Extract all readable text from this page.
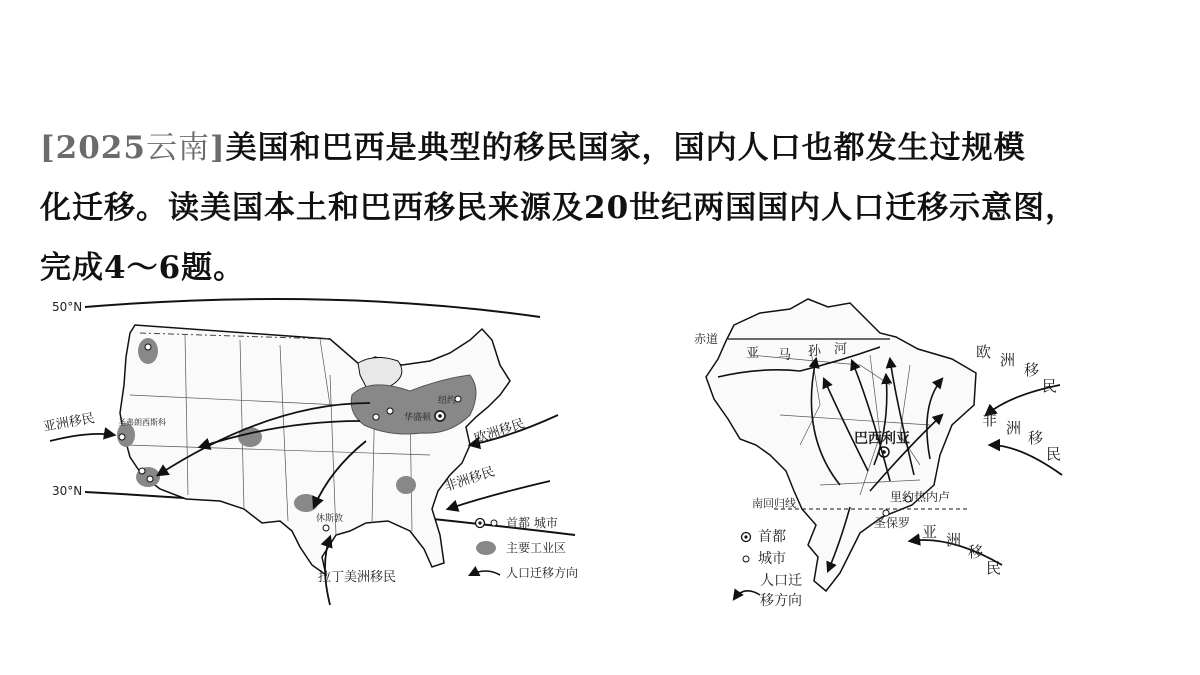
[2025云南]美国和巴西是典型的移民国家，国内人口也都发生过规模
化迁移。读美国本土和巴西移民来源及20世纪两国国内人口迁移示意图，
完成4～6题。
50°N
30°N
圣弗朗西斯科	华盛顿
纽约
休斯敦
亚洲移民	欧洲移民
非洲移民
拉丁美洲移民
首都 城市
主要工业区
人口迁移方向
赤道
亚 马 孙 河
南回归线
巴西利亚
里约热内卢
圣保罗
欧 洲
移
民
非 洲
移
民
亚 洲
移
民
首都
城市
人口迁
移方向
